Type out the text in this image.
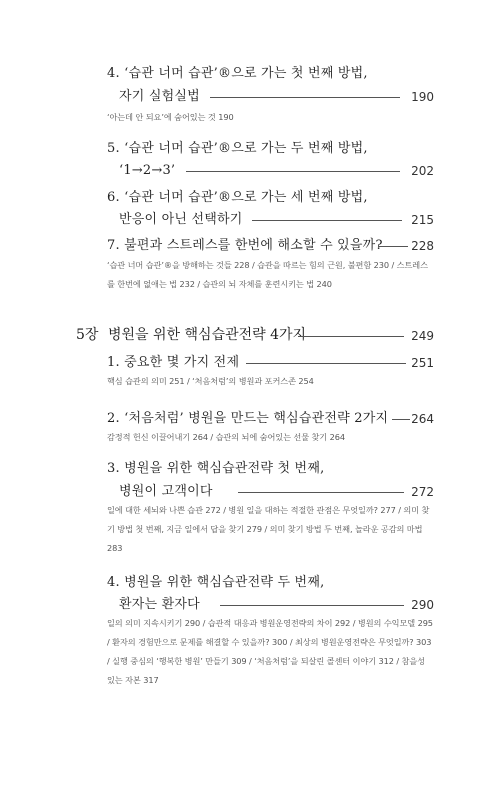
4. ‘습관 너머 습관’®으로 가는 첫 번째 방법,
자기 실험실법	190
‘아는데 안 되요’에 숨어있는 것 190
5. ‘습관 너머 습관’®으로 가는 두 번째 방법,
‘1→2→3’	202
6. ‘습관 너머 습관’®으로 가는 세 번째 방법,
반응이 아닌 선택하기	215
7. 불편과 스트레스를 한번에 해소할 수 있을까? 228
‘습관 너머 습관’®을 방해하는 것들 228 / 습관을 따르는 힘의 근원, 불편함 230 / 스트레스를 한번에 없애는 법 232 / 습관의 뇌 자체를 훈련시키는 법 240
5장 병원을 위한 핵심습관전략 4가지	249
1. 중요한 몇 가지 전제	251
핵심 습관의 의미 251 / ‘처음처럼’의 병원과 포커스존 254
2. ‘처음처럼’ 병원을 만드는 핵심습관전략 2가지 264
감정적 헌신 이끌어내기 264 / 습관의 뇌에 숨어있는 선물 찾기 264
3. 병원을 위한 핵심습관전략 첫 번째,
병원이 고객이다	272
일에 대한 세뇌와 나쁜 습관 272 / 병원 일을 대하는 적절한 관점은 무엇일까? 277 / 의미 찾기 방법 첫 번째, 지금 일에서 답을 찾기 279 / 의미 찾기 방법 두 번째, 놀라운 공감의 마법 283
4. 병원을 위한 핵심습관전략 두 번째,
환자는 환자다	290
일의 의미 지속시키기 290 / 습관적 대응과 병원운영전략의 차이 292 / 병원의 수익모델 295 / 환자의 경험만으로 문제를 해결할 수 있을까? 300 / 최상의 병원운영전략은 무엇일까? 303 / 실행 중심의 ‘행복한 병원’ 만들기 309 / ‘처음처럼’을 되살린 콜센터 이야기 312 / 참을성 있는 자본 317
